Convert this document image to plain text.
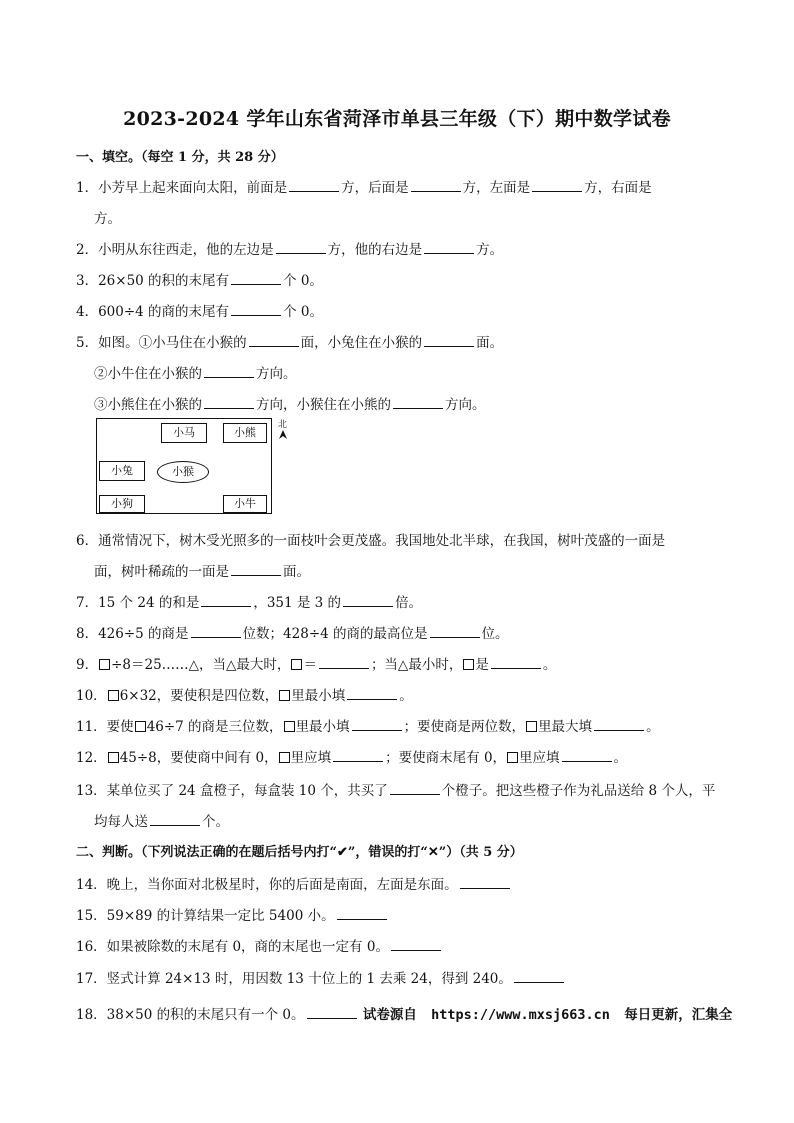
2023-2024 学年山东省菏泽市单县三年级（下）期中数学试卷
一、填空。（每空 1 分，共 28 分）
1．小芳早上起来面向太阳，前面是	方，后面是	方，左面是	方，右面是
方。
2．小明从东往西走，他的左边是	方，他的右边是	方。
3．26×50 的积的末尾有	个 0。
4．600÷4 的商的末尾有	个 0。
5．如图。①小马住在小猴的	面，小兔住在小猴的	面。
②小牛住在小猴的	方向。
③小熊住在小猴的	方向，小猴住在小熊的	方向。
小马	小熊
小兔	小猴
小狗	小牛
北
6．通常情况下，树木受光照多的一面枝叶会更茂盛。我国地处北半球，在我国，树叶茂盛的一面是
面，树叶稀疏的一面是	面。
7．15 个 24 的和是	，351 是 3 的	倍。
8．426÷5 的商是	位数；428÷4 的商的最高位是	位。
9． ÷8＝25……△，当△最大时， ＝	；当△最小时， 是	。
10． 6×32，要使积是四位数， 里最小填	。
11．要使 46÷7 的商是三位数， 里最小填	；要使商是两位数， 里最大填	。
12． 45÷8，要使商中间有 0， 里应填	；要使商末尾有 0， 里应填	。
13．某单位买了 24 盒橙子，每盒装 10 个，共买了	个橙子。把这些橙子作为礼品送给 8 个人，平
均每人送	个。
二、判断。（下列说法正确的在题后括号内打“✔”，错误的打“✕”）（共 5 分）
14．晚上，当你面对北极星时，你的后面是南面，左面是东面。
15．59×89 的计算结果一定比 5400 小。
16．如果被除数的末尾有 0，商的末尾也一定有 0。
17．竖式计算 24×13 时，用因数 13 十位上的 1 去乘 24，得到 240。
18．38×50 的积的末尾只有一个 0。	试卷源自 https://www.mxsj663.cn 每日更新，汇集全
